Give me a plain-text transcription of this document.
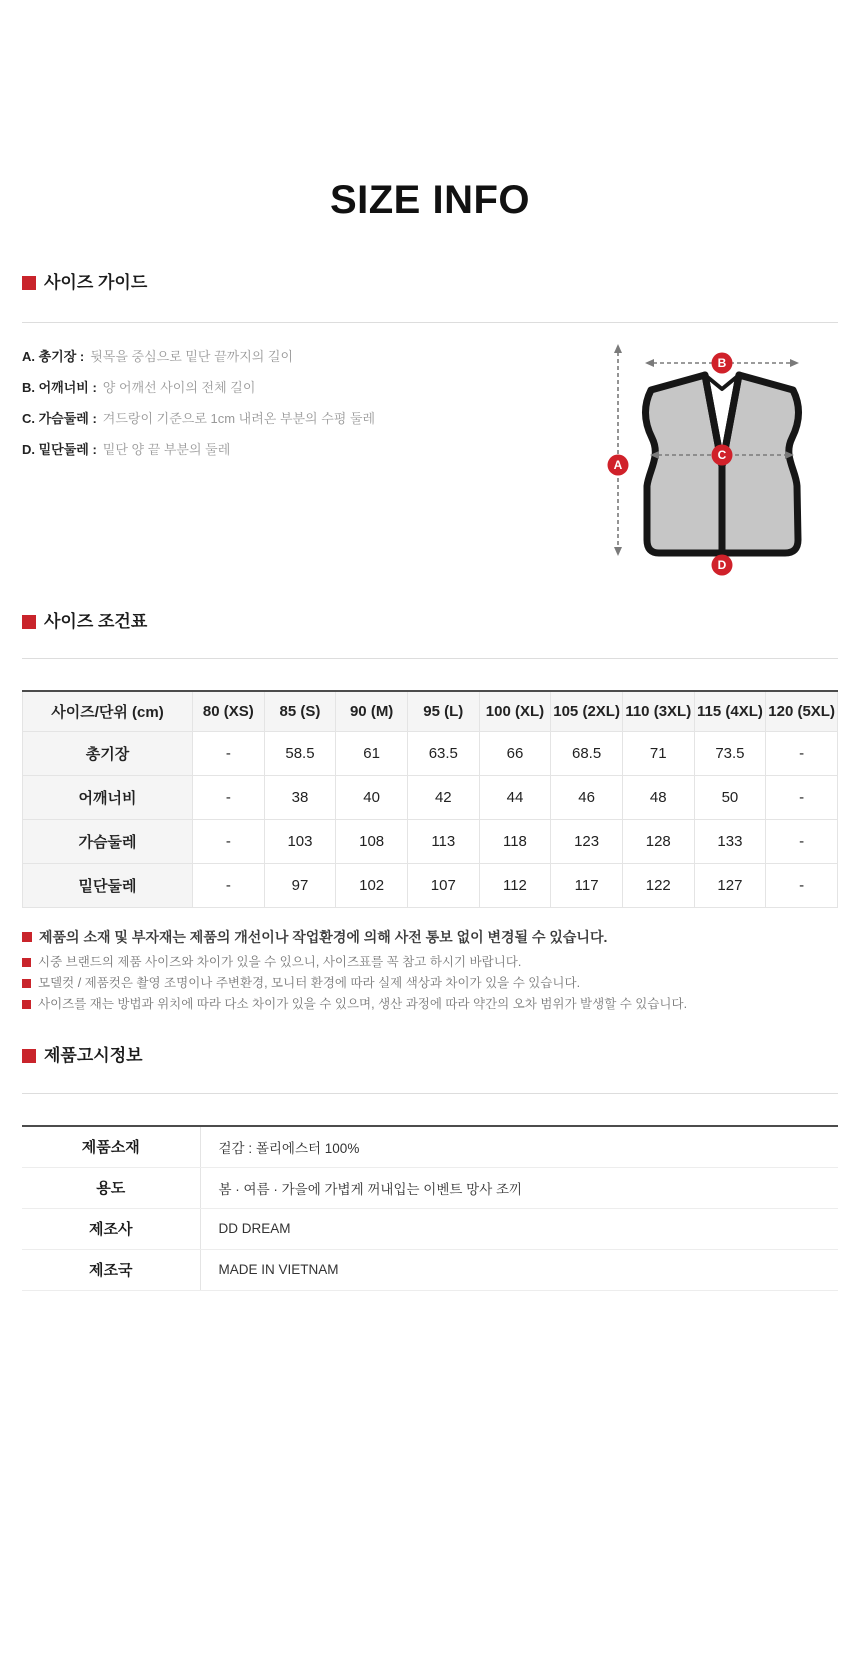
SIZE INFO
사이즈 가이드
A. 총기장 : 뒷목을 중심으로 밑단 끝까지의 길이
B. 어깨너비 : 양 어깨선 사이의 전체 길이
C. 가슴둘레 : 겨드랑이 기준으로 1cm 내려온 부분의 수평 둘레
D. 밑단둘레 : 밑단 양 끝 부분의 둘레
A
B
C
D
사이즈 조건표
사이즈/단위 (cm)	80 (XS)	85 (S)	90 (M)	95 (L)	100 (XL)	105 (2XL)	110 (3XL)	115 (4XL)	120 (5XL)
총기장	-	58.5	61	63.5	66	68.5	71	73.5	-
어깨너비	-	38	40	42	44	46	48	50	-
가슴둘레	-	103	108	113	118	123	128	133	-
밑단둘레	-	97	102	107	112	117	122	127	-
제품의 소재 및 부자재는 제품의 개선이나 작업환경에 의해 사전 통보 없이 변경될 수 있습니다.
시중 브랜드의 제품 사이즈와 차이가 있을 수 있으니, 사이즈표를 꼭 참고 하시기 바랍니다.
모델컷 / 제품컷은 촬영 조명이나 주변환경, 모니터 환경에 따라 실제 색상과 차이가 있을 수 있습니다.
사이즈를 재는 방법과 위치에 따라 다소 차이가 있을 수 있으며, 생산 과정에 따라 약간의 오차 범위가 발생할 수 있습니다.
제품고시정보
제품소재	겉감 : 폴리에스터 100%
용도	봄 · 여름 · 가을에 가볍게 꺼내입는 이벤트 망사 조끼
제조사	DD DREAM
제조국	MADE IN VIETNAM
